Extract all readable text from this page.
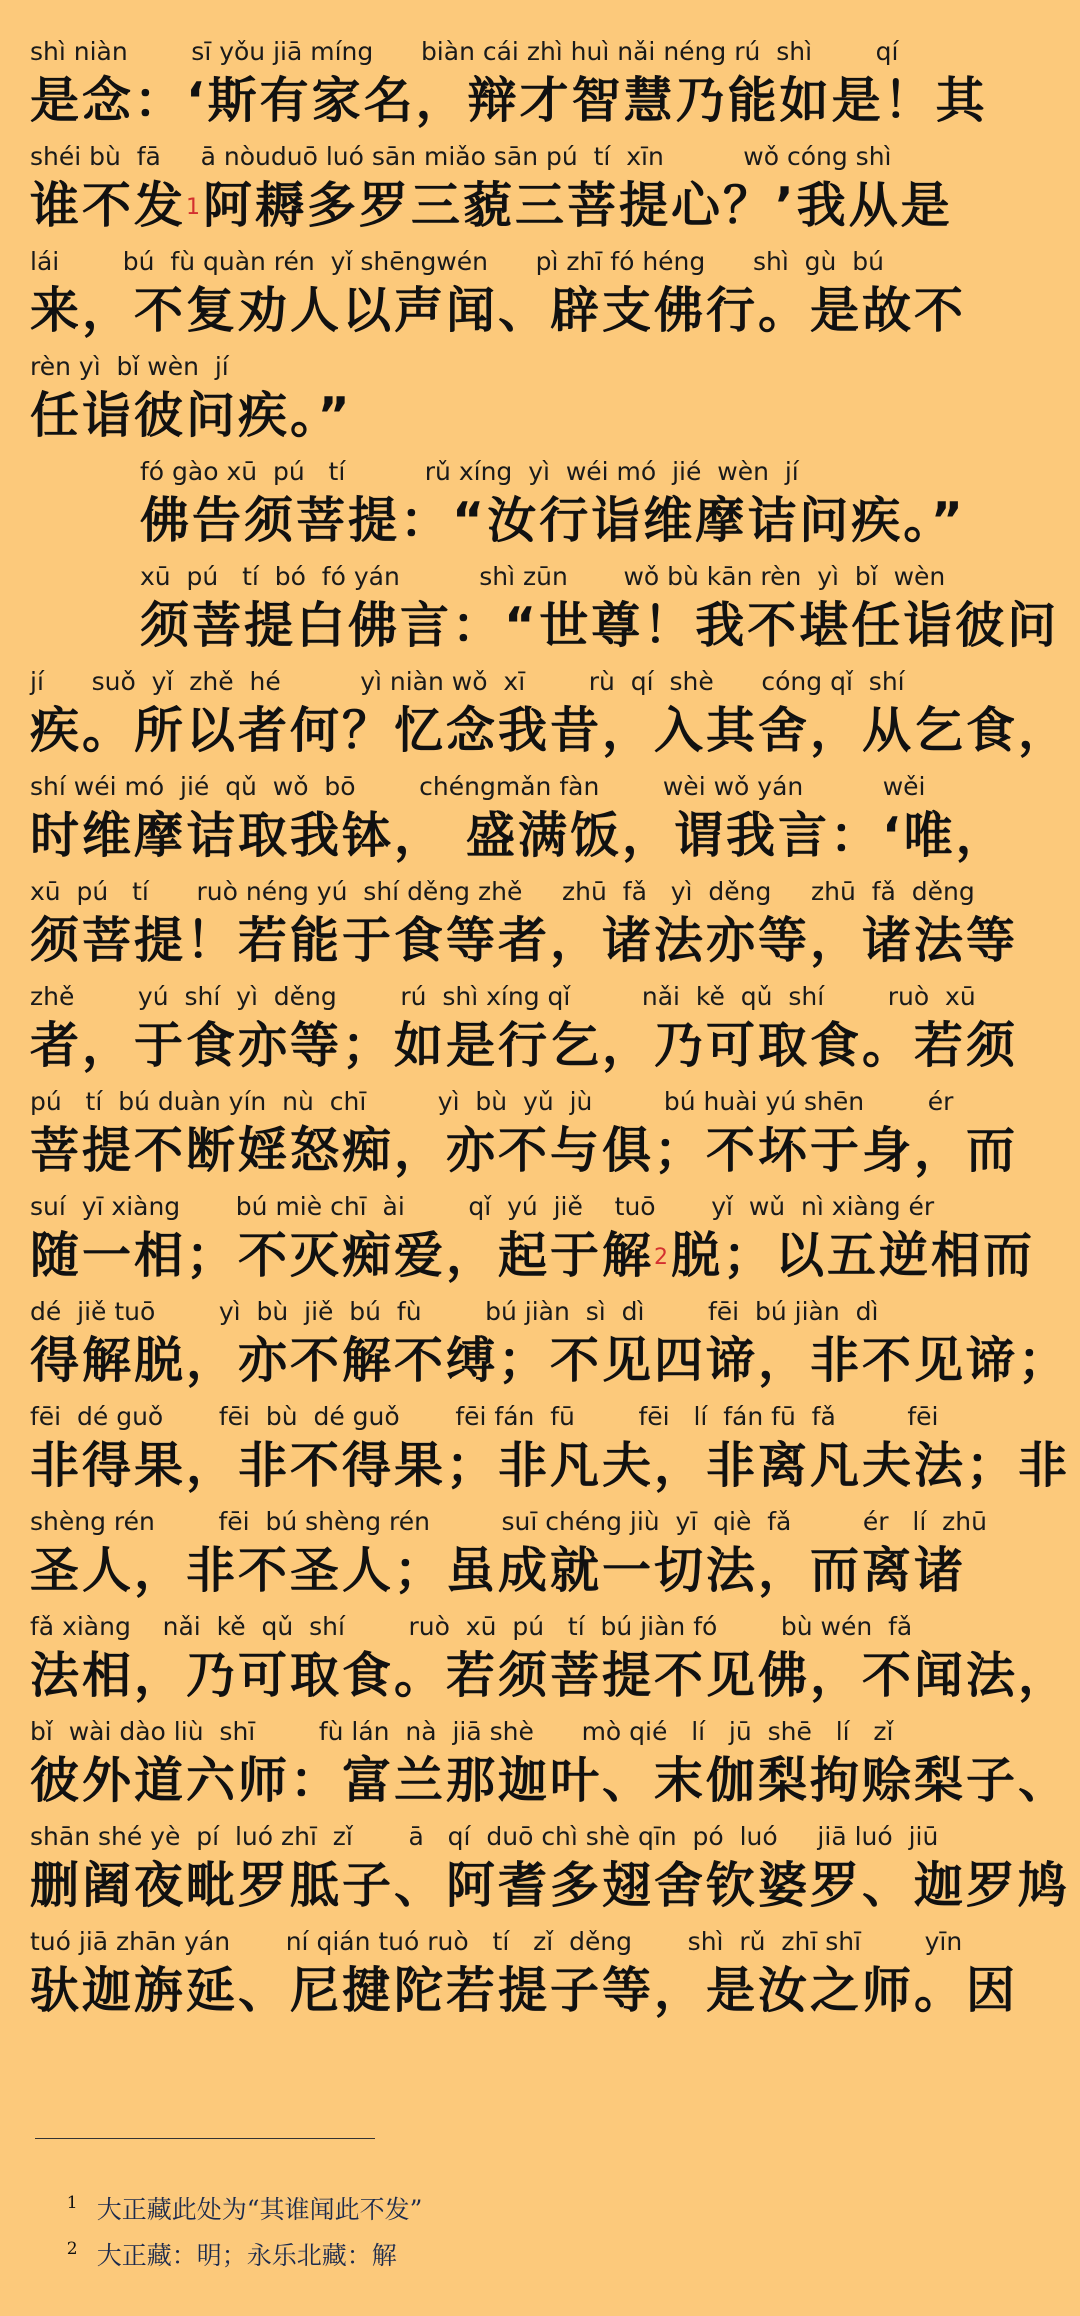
shì niàn        sī yǒu jiā míng      biàn cái zhì huì nǎi néng rú  shì        qí
是念：‘斯有家名，辩才智慧乃能如是！其
shéi bù  fā     ā nòuduō luó sān miǎo sān pú  tí  xīn          wǒ cóng shì
谁不发$^1$阿耨多罗三藐三菩提心？’我从是
lái        bú  fù quàn rén  yǐ shēngwén      pì zhī fó héng      shì  gù  bú
来，不复劝人以声闻、辟支佛行。是故不
rèn yì  bǐ wèn  jí
任诣彼问疾。”
fó gào xū  pú   tí          rǔ xíng  yì  wéi mó  jié  wèn  jí
佛告须菩提：“汝行诣维摩诘问疾。”
xū  pú   tí  bó  fó yán          shì zūn       wǒ bù kān rèn  yì  bǐ  wèn
须菩提白佛言：“世尊！我不堪任诣彼问
jí      suǒ  yǐ  zhě  hé          yì niàn wǒ  xī        rù  qí  shè      cóng qǐ  shí
疾。所以者何？忆念我昔，入其舍，从乞食，
shí wéi mó  jié  qǔ  wǒ  bō        chéngmǎn fàn        wèi wǒ yán          wěi
时维摩诘取我钵， 盛满饭，谓我言：‘唯，
xū  pú   tí      ruò néng yú  shí děng zhě     zhū  fǎ   yì  děng     zhū  fǎ  děng
须菩提！若能于食等者，诸法亦等，诸法等
zhě        yú  shí  yì  děng        rú  shì xíng qǐ         nǎi  kě  qǔ  shí        ruò  xū
者，于食亦等；如是行乞，乃可取食。若须
pú   tí  bú duàn yín  nù  chī         yì  bù  yǔ  jù         bú huài yú shēn        ér
菩提不断婬怒痴，亦不与俱；不坏于身，而
suí  yī xiàng       bú miè chī  ài        qǐ  yú  jiě    tuō       yǐ  wǔ  nì xiàng ér
随一相；不灭痴爱，起于解$^2$脱；以五逆相而
dé  jiě tuō        yì  bù  jiě  bú  fù        bú jiàn  sì  dì        fēi  bú jiàn  dì
得解脱，亦不解不缚；不见四谛，非不见谛；
fēi  dé guǒ       fēi  bù  dé guǒ       fēi fán  fū        fēi   lí  fán fū  fǎ         fēi
非得果，非不得果；非凡夫，非离凡夫法；非
shèng rén        fēi  bú shèng rén         suī chéng jiù  yī  qiè  fǎ         ér   lí  zhū
圣人，非不圣人；虽成就一切法，而离诸
fǎ xiàng    nǎi  kě  qǔ  shí        ruò  xū  pú   tí  bú jiàn fó        bù wén  fǎ
法相，乃可取食。若须菩提不见佛，不闻法，
bǐ  wài dào liù  shī        fù lán  nà  jiā shè      mò qié   lí   jū  shē   lí   zǐ
彼外道六师：富兰那迦叶、末伽梨拘赊梨子、
shān shé yè  pí  luó zhī  zǐ       ā   qí  duō chì shè qīn  pó  luó     jiā luó  jiū
删阇夜毗罗胝子、阿耆多翅舍钦婆罗、迦罗鸠
tuó jiā zhān yán       ní qián tuó ruò   tí   zǐ  děng       shì  rǔ  zhī shī        yīn
驮迦旃延、尼揵陀若提子等，是汝之师。因

1 大正藏此处为“其谁闻此不发”

2 大正藏：明；永乐北藏：解
